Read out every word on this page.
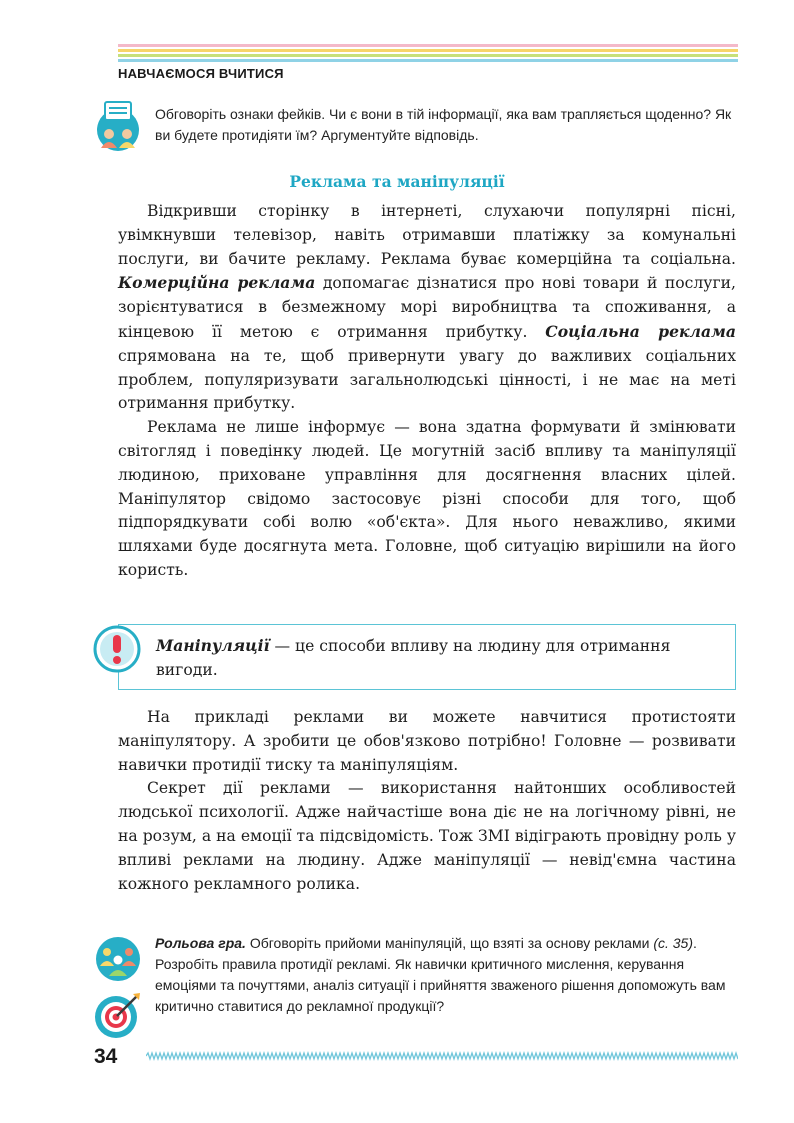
НАВЧАЄМОСЯ ВЧИТИСЯ
Обговоріть ознаки фейків. Чи є вони в тій інформації, яка вам трапляється щоденно? Як ви будете протидіяти їм? Аргументуйте відповідь.
Реклама та маніпуляції

Відкривши сторінку в інтернеті, слухаючи популярні пісні, увімкнувши телевізор, навіть отримавши платіжку за комунальні послуги, ви бачите рекламу. Реклама буває комерційна та соціальна. Комерційна реклама допомагає дізнатися про нові товари й послуги, зорієнтуватися в безмежному морі виробництва та споживання, а кінцевою її метою є отримання прибутку. Соціальна реклама спрямована на те, щоб привернути увагу до важливих соціальних проблем, популяризувати загальнолюдські цінності, і не має на меті отримання прибутку.

Реклама не лише інформує — вона здатна формувати й змінювати світогляд і поведінку людей. Це могутній засіб впливу та маніпуляції людиною, приховане управління для досягнення власних цілей. Маніпулятор свідомо застосовує різні способи для того, щоб підпорядкувати собі волю «об'єкта». Для нього неважливо, якими шляхами буде досягнута мета. Головне, щоб ситуацію вирішили на його користь.

Маніпуляції — це способи впливу на людину для отримання вигоди.

На прикладі реклами ви можете навчитися протистояти маніпулятору. А зробити це обов'язково потрібно! Головне — розвивати навички протидії тиску та маніпуляціям.

Секрет дії реклами — використання найтонших особливостей людської психології. Адже найчастіше вона діє не на логічному рівні, не на розум, а на емоції та підсвідомість. Тож ЗМІ відіграють провідну роль у впливі реклами на людину. Адже маніпуляції — невід'ємна частина кожного рекламного ролика.

Рольова гра. Обговоріть прийоми маніпуляцій, що взяті за основу реклами (с. 35). Розробіть правила протидії рекламі. Як навички критичного мислення, керування емоціями та почуттями, аналіз ситуації і прийняття зваженого рішення допоможуть вам критично ставитися до рекламної продукції?
34
